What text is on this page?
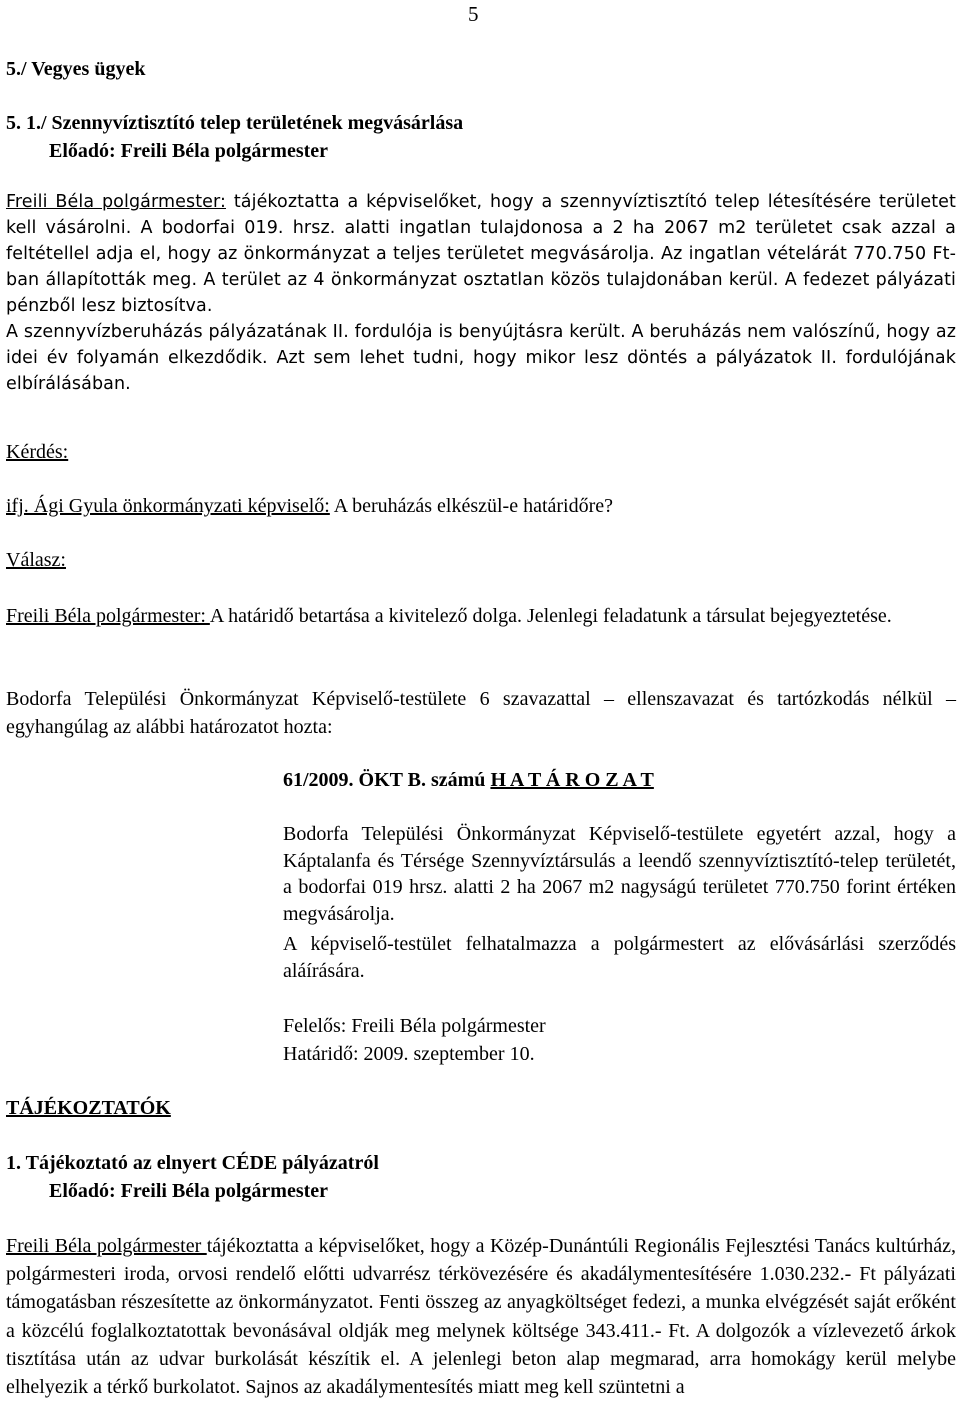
5
5./ Vegyes ügyek
5. 1./ Szennyvíztisztító telep területének megvásárlása
Előadó: Freili Béla polgármester
Freili Béla polgármester: tájékoztatta a képviselőket, hogy a szennyvíztisztító telep létesítésére területet kell vásárolni. A bodorfai 019. hrsz. alatti ingatlan tulajdonosa a 2 ha 2067 m2 területet csak azzal a feltétellel adja el, hogy az önkormányzat a teljes területet megvásárolja. Az ingatlan vételárát 770.750 Ft-ban állapították meg. A terület az 4 önkormányzat osztatlan közös tulajdonában kerül. A fedezet pályázati pénzből lesz biztosítva.
A szennyvízberuházás pályázatának II. fordulója is benyújtásra került. A beruházás nem valószínű, hogy az idei év folyamán elkezdődik. Azt sem lehet tudni, hogy mikor lesz döntés a pályázatok II. fordulójának elbírálásában.
Kérdés:
ifj. Ági Gyula önkormányzati képviselő: A beruházás elkészül-e határidőre?
Válasz:
Freili Béla polgármester: A határidő betartása a kivitelező dolga. Jelenlegi feladatunk a társulat bejegyeztetése.
Bodorfa Települési Önkormányzat Képviselő-testülete 6 szavazattal – ellenszavazat és tartózkodás nélkül – egyhangúlag az alábbi határozatot hozta:
61/2009. ÖKT B. számú H A T Á R O Z A T
Bodorfa Települési Önkormányzat Képviselő-testülete egyetért azzal, hogy a Káptalanfa és Térsége Szennyvíztársulás a leendő szennyvíztisztító-telep területét, a bodorfai 019 hrsz. alatti 2 ha 2067 m2 nagyságú területet 770.750 forint értéken megvásárolja.
A képviselő-testület felhatalmazza a polgármestert az elővásárlási szerződés aláírására.
Felelős: Freili Béla polgármester
Határidő: 2009. szeptember 10.
TÁJÉKOZTATÓK
1. Tájékoztató az elnyert CÉDE pályázatról
Előadó: Freili Béla polgármester
Freili Béla polgármester tájékoztatta a képviselőket, hogy a Közép-Dunántúli Regionális Fejlesztési Tanács kultúrház, polgármesteri iroda, orvosi rendelő előtti udvarrész térkövezésére és akadálymentesítésére 1.030.232.- Ft pályázati támogatásban részesítette az önkormányzatot. Fenti összeg az anyagköltséget fedezi, a munka elvégzését saját erőként a közcélú foglalkoztatottak bevonásával oldják meg melynek költsége 343.411.- Ft. A dolgozók a vízlevezető árkok tisztítása után az udvar burkolását készítik el. A jelenlegi beton alap megmarad, arra homokágy kerül melybe elhelyezik a térkő burkolatot. Sajnos az akadálymentesítés miatt meg kell szüntetni a
